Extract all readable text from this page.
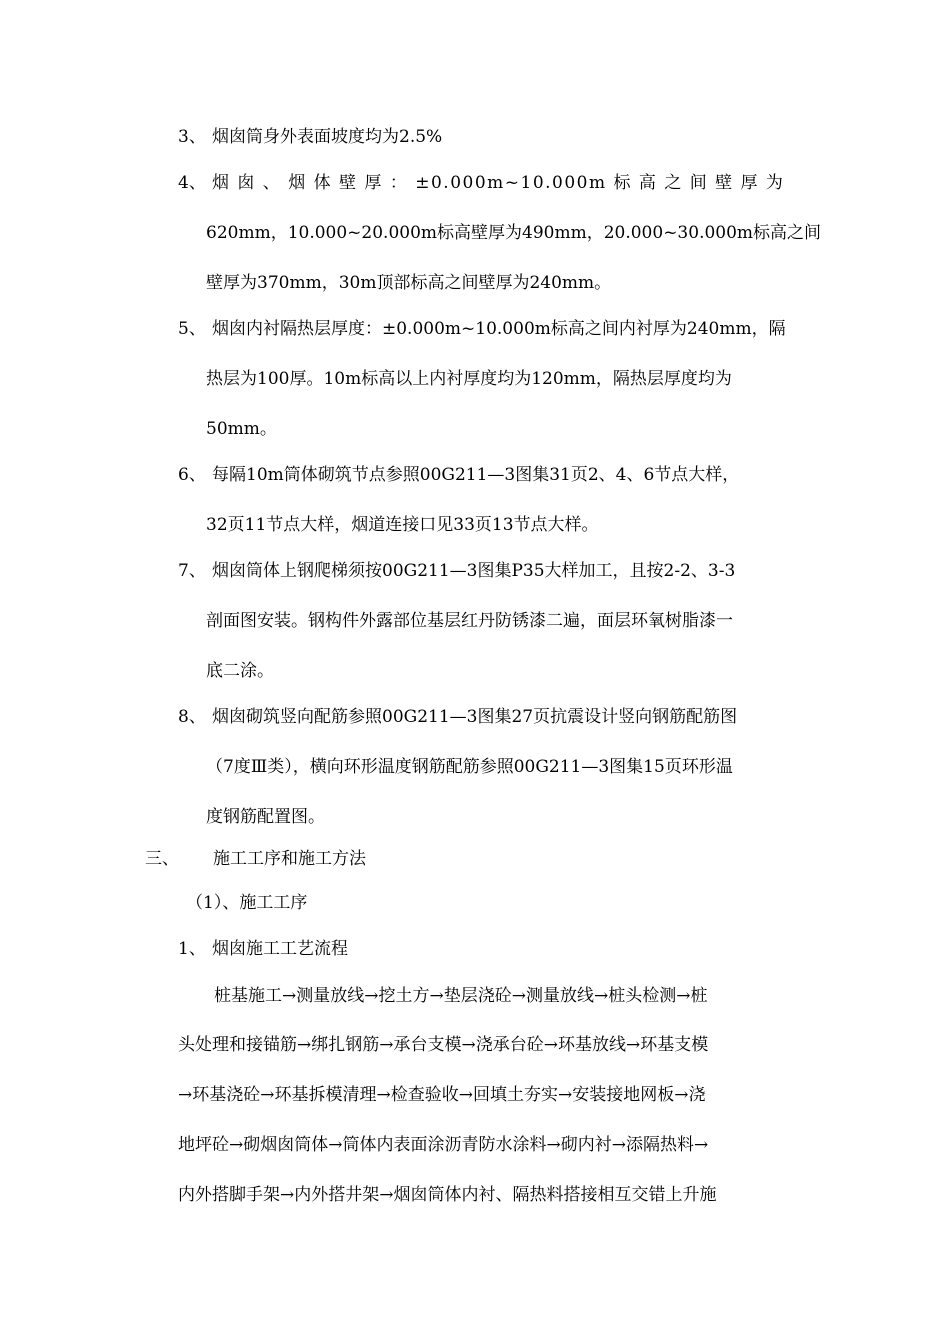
3、 烟囱筒身外表面坡度均为2.5%
4、 烟 囱 、 烟 体 壁 厚 ： ±0.000m~10.000m 标 高 之 间 壁 厚 为
620mm，10.000~20.000m标高壁厚为490mm，20.000~30.000m标高之间
壁厚为370mm，30m顶部标高之间壁厚为240mm。
5、 烟囱内衬隔热层厚度：±0.000m~10.000m标高之间内衬厚为240mm，隔
热层为100厚。10m标高以上内衬厚度均为120mm，隔热层厚度均为
50mm。
6、 每隔10m筒体砌筑节点参照00G211—3图集31页2、4、6节点大样，
32页11节点大样，烟道连接口见33页13节点大样。
7、 烟囱筒体上钢爬梯须按00G211—3图集P35大样加工，且按2-2、3-3
剖面图安装。钢构件外露部位基层红丹防锈漆二遍，面层环氧树脂漆一
底二涂。
8、 烟囱砌筑竖向配筋参照00G211—3图集27页抗震设计竖向钢筋配筋图
（7度Ⅲ类），横向环形温度钢筋配筋参照00G211—3图集15页环形温
度钢筋配置图。
三、 施工工序和施工方法
（1）、施工工序
1、 烟囱施工工艺流程
桩基施工→测量放线→挖土方→垫层浇砼→测量放线→桩头检测→桩
头处理和接锚筋→绑扎钢筋→承台支模→浇承台砼→环基放线→环基支模
→环基浇砼→环基拆模清理→检查验收→回填土夯实→安装接地网板→浇
地坪砼→砌烟囱筒体→筒体内表面涂沥青防水涂料→砌内衬→添隔热料→
内外搭脚手架→内外搭井架→烟囱筒体内衬、隔热料搭接相互交错上升施
